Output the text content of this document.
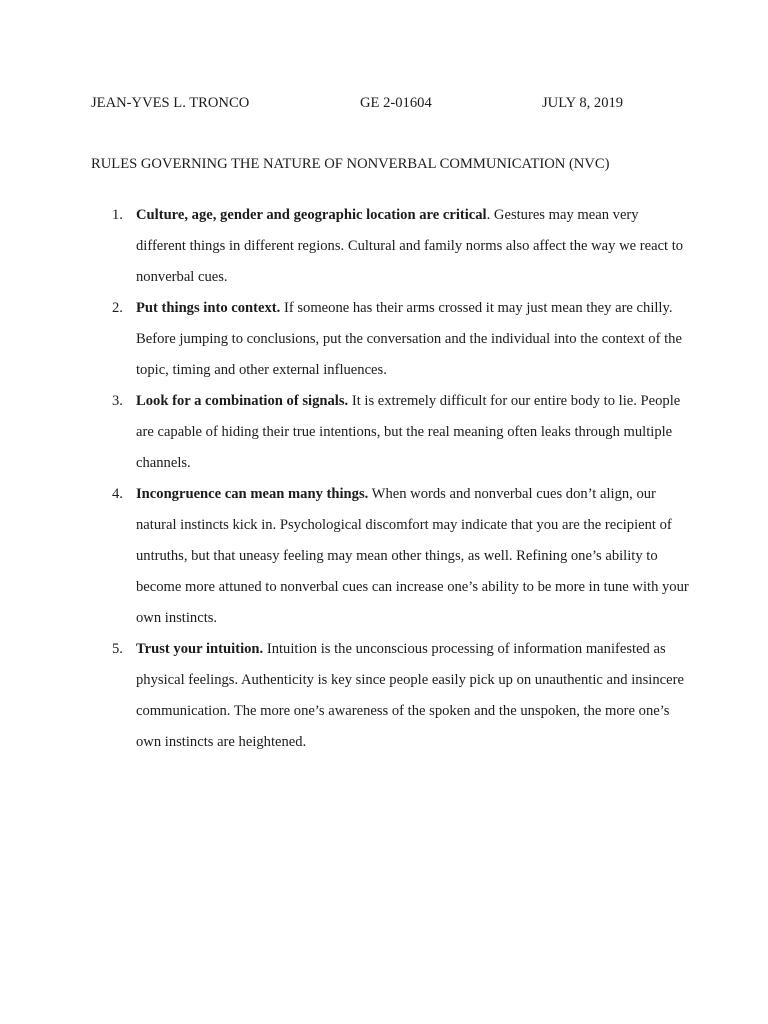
JEAN-YVES L. TRONCO	GE 2-01604	JULY 8, 2019
RULES GOVERNING THE NATURE OF NONVERBAL COMMUNICATION (NVC)
1. Culture, age, gender and geographic location are critical. Gestures may mean very different things in different regions. Cultural and family norms also affect the way we react to nonverbal cues.
2. Put things into context. If someone has their arms crossed it may just mean they are chilly. Before jumping to conclusions, put the conversation and the individual into the context of the topic, timing and other external influences.
3. Look for a combination of signals. It is extremely difficult for our entire body to lie. People are capable of hiding their true intentions, but the real meaning often leaks through multiple channels.
4. Incongruence can mean many things. When words and nonverbal cues don’t align, our natural instincts kick in. Psychological discomfort may indicate that you are the recipient of untruths, but that uneasy feeling may mean other things, as well. Refining one’s ability to become more attuned to nonverbal cues can increase one’s ability to be more in tune with your own instincts.
5. Trust your intuition. Intuition is the unconscious processing of information manifested as physical feelings. Authenticity is key since people easily pick up on unauthentic and insincere communication. The more one’s awareness of the spoken and the unspoken, the more one’s own instincts are heightened.
